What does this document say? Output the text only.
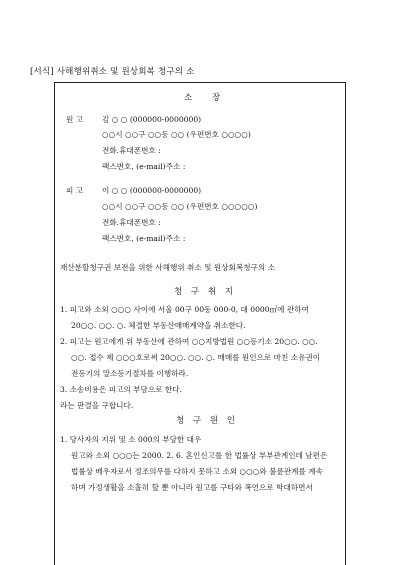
[서식] 사해행위취소 및 원상회복 청구의 소
소 장
원 고 김 ○ ○ (000000-0000000)
○○시 ○○구 ○○동 ○○ (우편번호 ○○○○)
전화.휴대폰번호 :
팩스번호, (e-mail)주소 :
피 고 이 ○ ○ (000000-0000000)
○○시 ○○구 ○○동 ○○ (우편번호 ○○○○○)
전화.휴대폰번호 :
팩스번호, (e-mail)주소 :
재산분할청구권 보전을 위한 사해행위 취소 및 원상회복청구의 소
청 구 취 지

1. 피고와 소외 ○○○ 사이에 서울 00구 00동 000-0, 대 0000㎡에 관하여

20○○. ○○. ○. 체결한 부동산매매계약을 취소한다.

2. 피고는 원고에게 위 부동산에 관하여 ○○지방법원 ○○등기소 20○○. ○○.

○○. 접수 제 ○○○호로써 20○○. ○○. ○. 매매를 원인으로 마친 소유권이

전등기의 말소등기절차를 이행하라.

3. 소송비용은 피고의 부담으로 한다.

라는 판결을 구합니다.

청 구 원 인

1. 당사자의 지위 및 소 000의 부당한 대우

원고와 소외 ○○○는 2000. 2. 6. 혼인신고를 한 법률상 부부관계인데 남편은

법률상 배우자로서 정조의무를 다하지 못하고 소외 ○○○와 불륜관계를 계속

하며 가정생활을 소홀히 할 뿐 아니라 원고를 구타와 폭언으로 학대하면서
